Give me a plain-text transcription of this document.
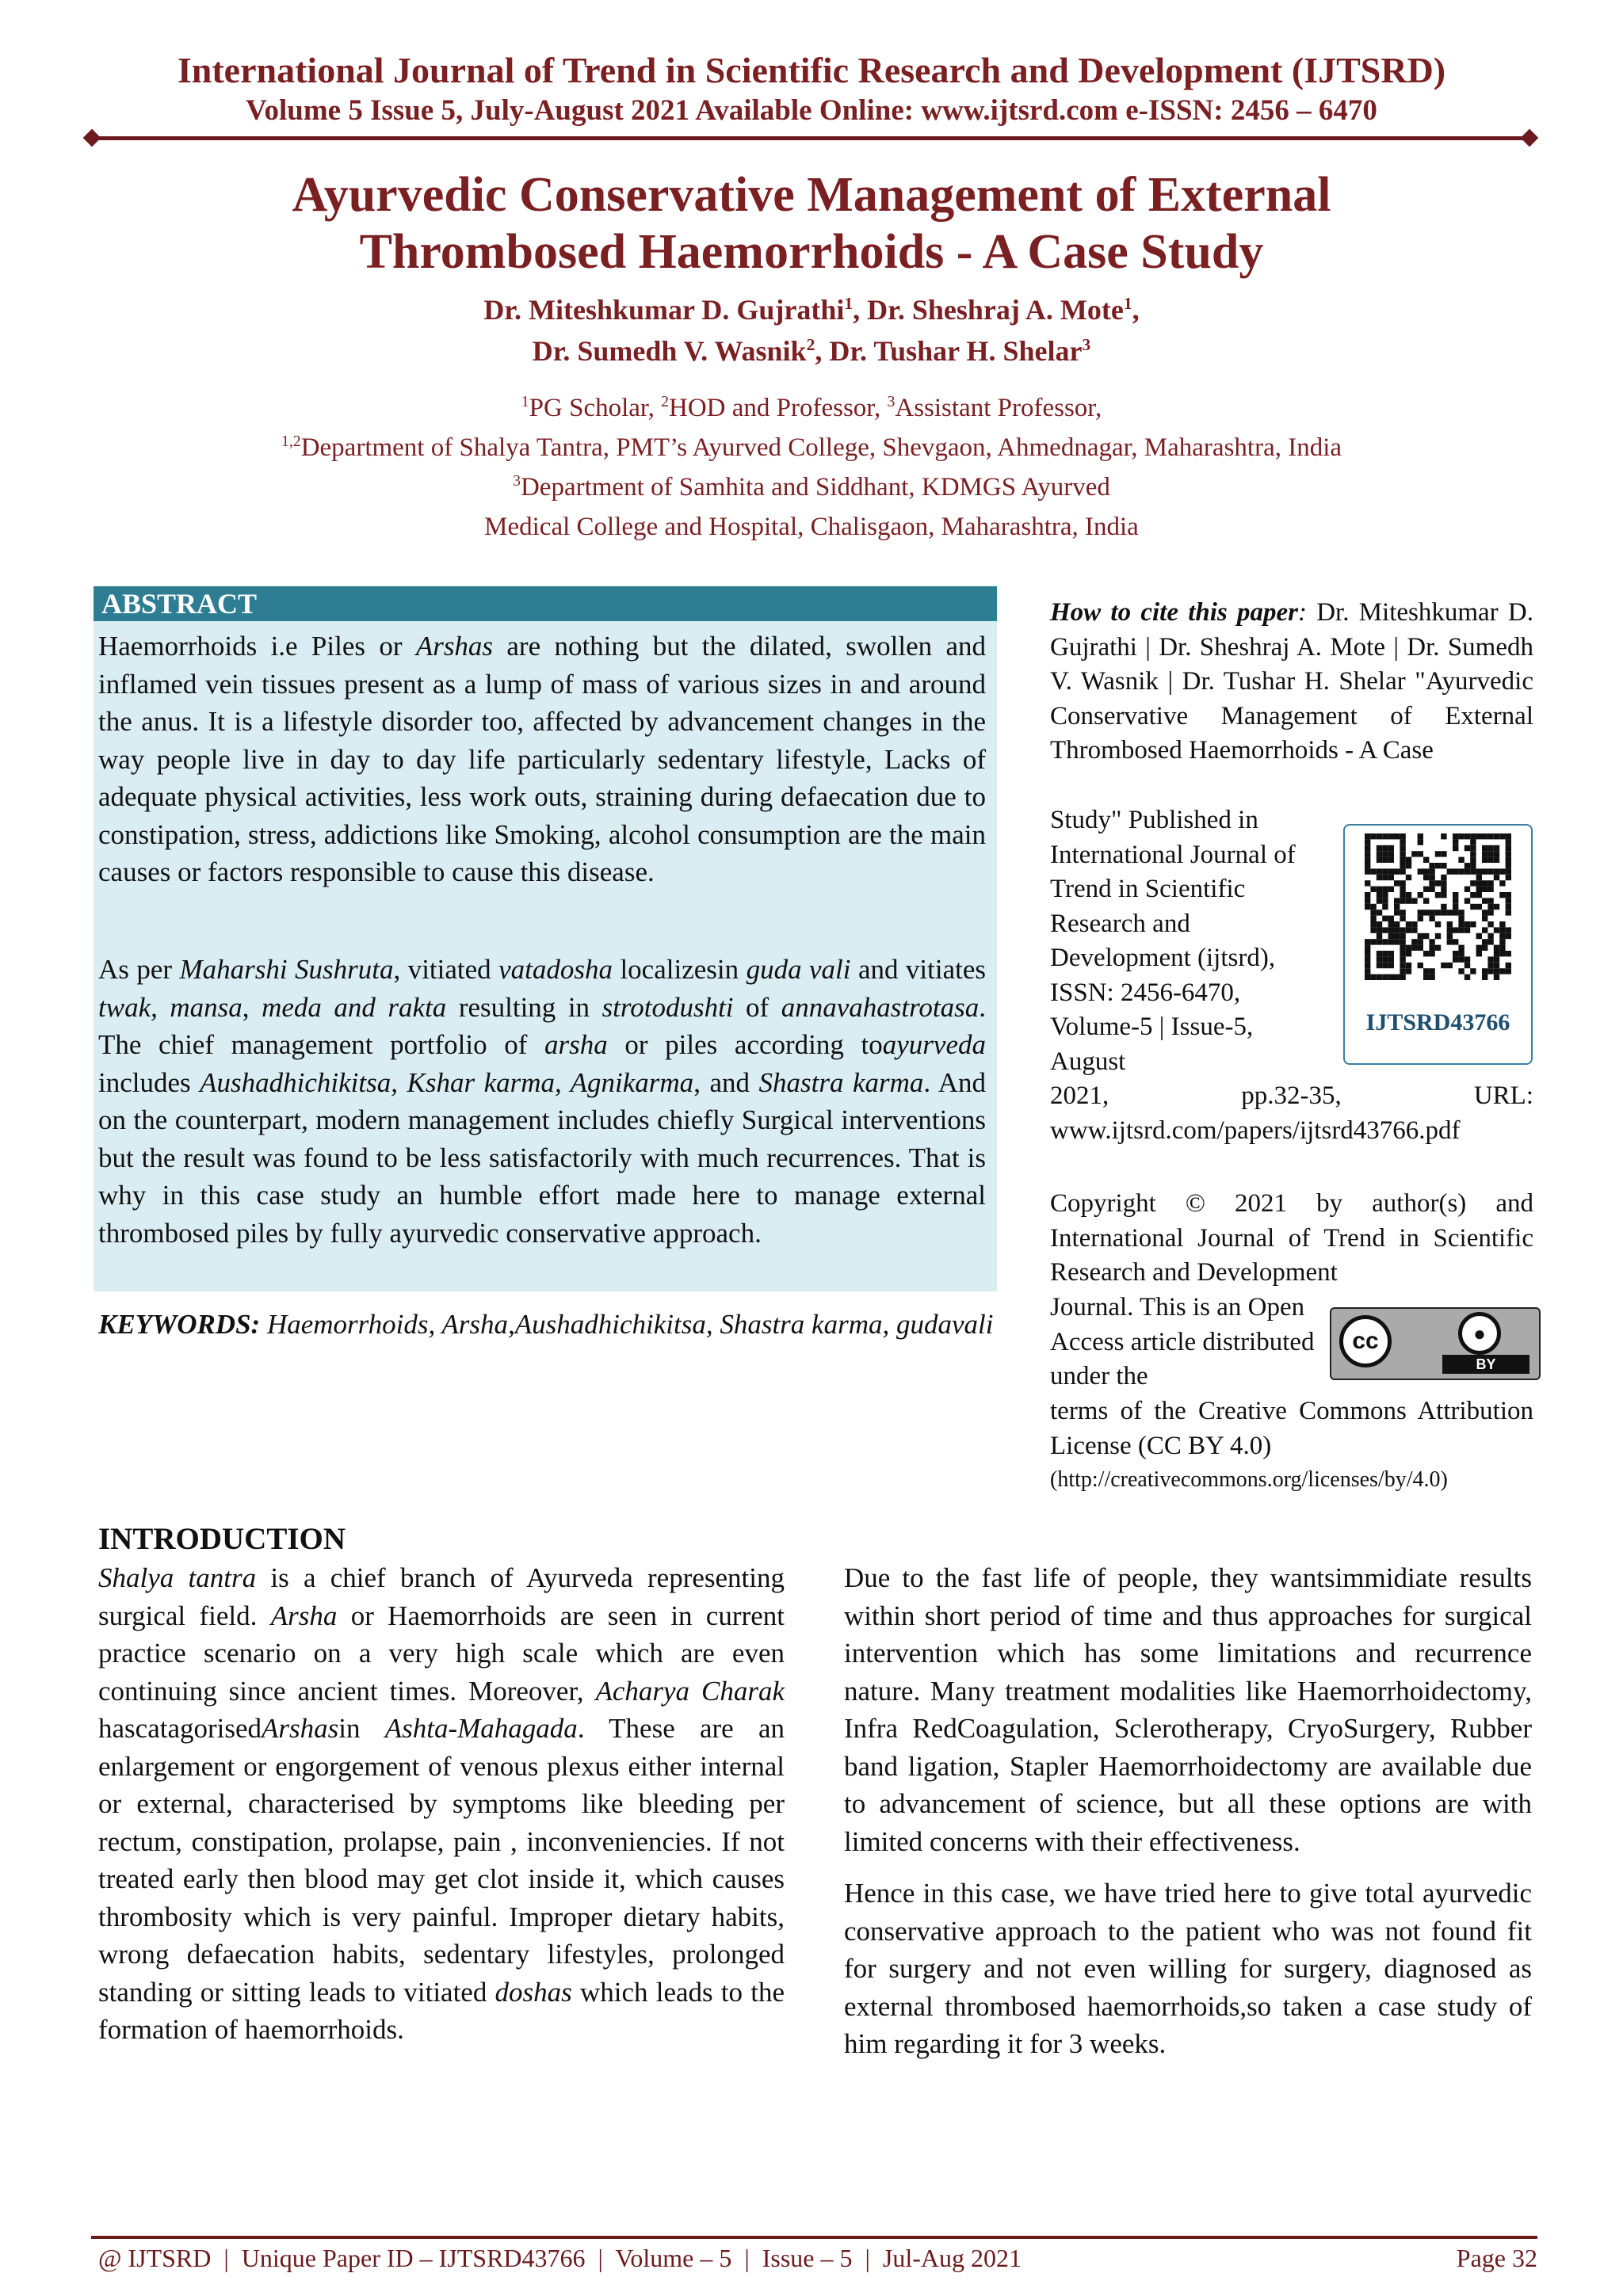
International Journal of Trend in Scientific Research and Development (IJTSRD)
Volume 5 Issue 5, July-August 2021 Available Online: www.ijtsrd.com e-ISSN: 2456 – 6470
Ayurvedic Conservative Management of External
Thrombosed Haemorrhoids - A Case Study
Dr. Miteshkumar D. Gujrathi$^1$, Dr. Sheshraj A. Mote$^1$,
Dr. Sumedh V. Wasnik$^2$, Dr. Tushar H. Shelar$^3$
$^1$PG Scholar, $^2$HOD and Professor, $^3$Assistant Professor,
$^{1,2}$Department of Shalya Tantra, PMT’s Ayurved College, Shevgaon, Ahmednagar, Maharashtra, India
$^3$Department of Samhita and Siddhant, KDMGS Ayurved
Medical College and Hospital, Chalisgaon, Maharashtra, India
ABSTRACT
Haemorrhoids i.e Piles or Arshas are nothing but the dilated, swollen and inflamed vein tissues present as a lump of mass of various sizes in and around the anus. It is a lifestyle disorder too, affected by advancement changes in the way people live in day to day life particularly sedentary lifestyle, Lacks of adequate physical activities, less work outs, straining during defaecation due to constipation, stress, addictions like Smoking, alcohol consumption are the main causes or factors responsible to cause this disease.
As per Maharshi Sushruta, vitiated vatadosha localizesin guda vali and vitiates twak, mansa, meda and rakta resulting in strotodushti of annavahastrotasa. The chief management portfolio of arsha or piles according toayurveda includes Aushadhichikitsa, Kshar karma, Agnikarma, and Shastra karma. And on the counterpart, modern management includes chiefly Surgical interventions but the result was found to be less satisfactorily with much recurrences. That is why in this case study an humble effort made here to manage external thrombosed piles by fully ayurvedic conservative approach.
KEYWORDS: Haemorrhoids, Arsha,Aushadhichikitsa, Shastra karma, gudavali
How to cite this paper: Dr. Miteshkumar D. Gujrathi | Dr. Sheshraj A. Mote | Dr. Sumedh V. Wasnik | Dr. Tushar H. Shelar "Ayurvedic Conservative Management of External Thrombosed Haemorrhoids - A Case
Study" Published in International Journal of Trend in Scientific Research and Development (ijtsrd), ISSN: 2456-6470, Volume-5 | Issue-5, August
2021, pp.32-35, URL: www.ijtsrd.com/papers/ijtsrd43766.pdf
IJTSRD43766
Copyright © 2021 by author(s) and International Journal of Trend in Scientific Research and Development
Journal. This is an Open Access article distributed under the
terms of the Creative Commons Attribution License (CC BY 4.0)
(http://creativecommons.org/licenses/by/4.0)
cc	●
BY
INTRODUCTION

Shalya tantra is a chief branch of Ayurveda representing surgical field. Arsha or Haemorrhoids are seen in current practice scenario on a very high scale which are even continuing since ancient times. Moreover, Acharya Charak hascatagorisedArshasin Ashta-Mahagada. These are an enlargement or engorgement of venous plexus either internal or external, characterised by symptoms like bleeding per rectum, constipation, prolapse, pain , inconveniencies. If not treated early then blood may get clot inside it, which causes thrombosity which is very painful. Improper dietary habits, wrong defaecation habits, sedentary lifestyles, prolonged standing or sitting leads to vitiated doshas which leads to the formation of haemorrhoids.

Due to the fast life of people, they wantsimmidiate results within short period of time and thus approaches for surgical intervention which has some limitations and recurrence nature. Many treatment modalities like Haemorrhoidectomy, Infra RedCoagulation, Sclerotherapy, CryoSurgery, Rubber band ligation, Stapler Haemorrhoidectomy are available due to advancement of science, but all these options are with limited concerns with their effectiveness.

Hence in this case, we have tried here to give total ayurvedic conservative approach to the patient who was not found fit for surgery and not even willing for surgery, diagnosed as external thrombosed haemorrhoids,so taken a case study of him regarding it for 3 weeks.

@ IJTSRD  |  Unique Paper ID – IJTSRD43766  |  Volume – 5  |  Issue – 5  |  Jul-Aug 2021	Page 32
